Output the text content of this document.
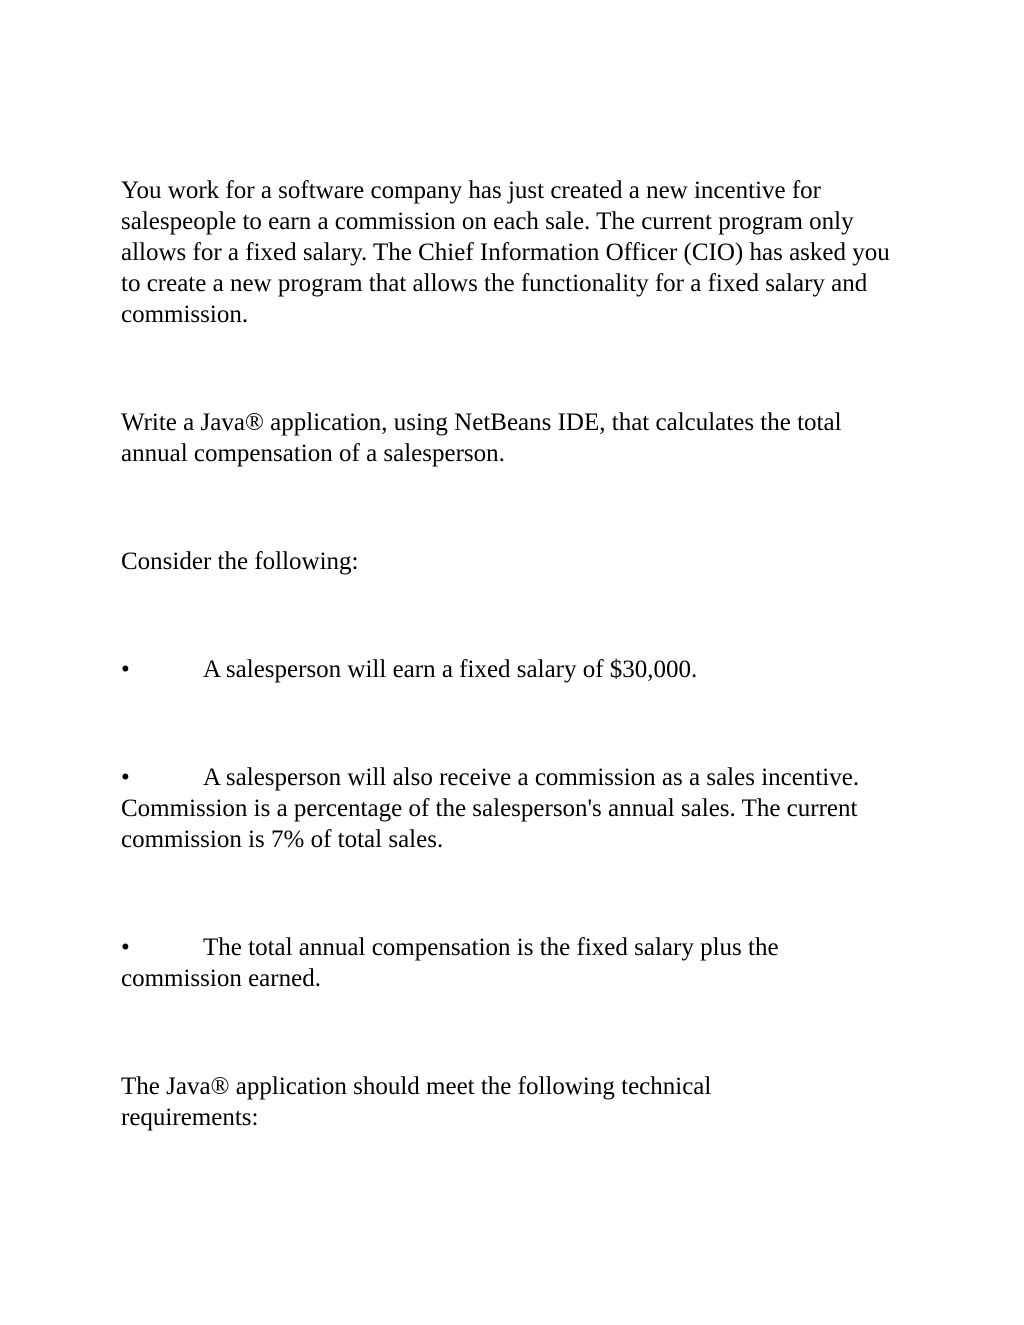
You work for a software company has just created a new incentive for salespeople to earn a commission on each sale. The current program only allows for a fixed salary. The Chief Information Officer (CIO) has asked you to create a new program that allows the functionality for a fixed salary and commission.

Write a Java® application, using NetBeans IDE, that calculates the total annual compensation of a salesperson.

Consider the following:

•	A salesperson will earn a fixed salary of $30,000.

•	A salesperson will also receive a commission as a sales incentive. Commission is a percentage of the salesperson's annual sales. The current commission is 7% of total sales.

•	The total annual compensation is the fixed salary plus the commission earned.

The Java® application should meet the following technical requirements:
